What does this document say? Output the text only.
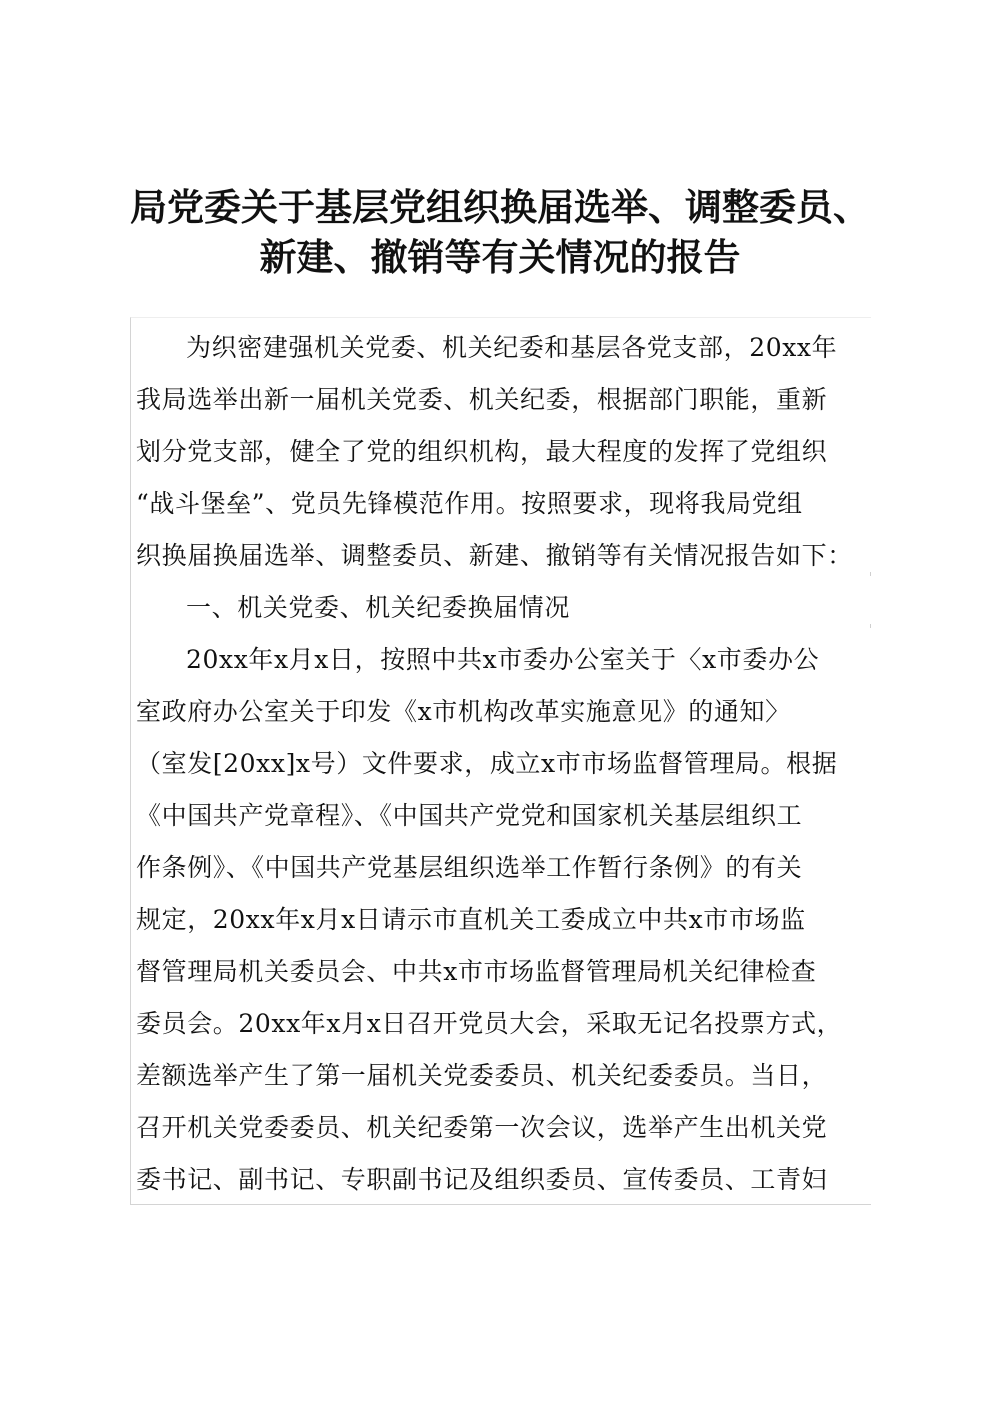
局党委关于基层党组织换届选举、调整委员、
新建、撤销等有关情况的报告
为织密建强机关党委、机关纪委和基层各党支部，20xx年
我局选举出新一届机关党委、机关纪委，根据部门职能，重新
划分党支部，健全了党的组织机构，最大程度的发挥了党组织
“战斗堡垒”、党员先锋模范作用。按照要求，现将我局党组
织换届换届选举、调整委员、新建、撤销等有关情况报告如下：
一、机关党委、机关纪委换届情况
20xx年x月x日，按照中共x市委办公室关于〈x市委办公
室政府办公室关于印发《x市机构改革实施意见》的通知〉
（室发[20xx]x号）文件要求，成立x市市场监督管理局。根据
《中国共产党章程》、《中国共产党党和国家机关基层组织工
作条例》、《中国共产党基层组织选举工作暂行条例》的有关
规定，20xx年x月x日请示市直机关工委成立中共x市市场监
督管理局机关委员会、中共x市市场监督管理局机关纪律检查
委员会。20xx年x月x日召开党员大会，采取无记名投票方式，
差额选举产生了第一届机关党委委员、机关纪委委员。当日，
召开机关党委委员、机关纪委第一次会议，选举产生出机关党
委书记、副书记、专职副书记及组织委员、宣传委员、工青妇
